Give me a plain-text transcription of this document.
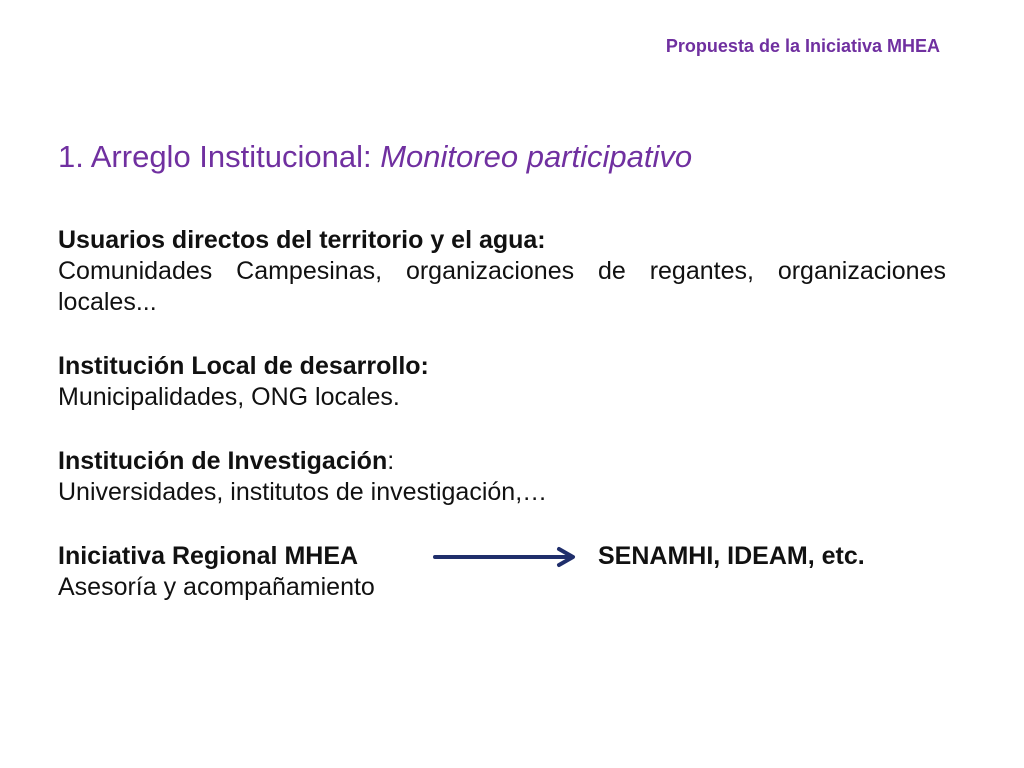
Propuesta de la Iniciativa MHEA
1. Arreglo Institucional: Monitoreo participativo
Usuarios directos del territorio y el agua:
Comunidades Campesinas, organizaciones de regantes, organizaciones locales...
Institución Local de desarrollo:
Municipalidades, ONG locales.
Institución de Investigación:
Universidades, institutos de investigación,…
Iniciativa Regional MHEA	SENAMHI, IDEAM, etc.
Asesoría y acompañamiento
